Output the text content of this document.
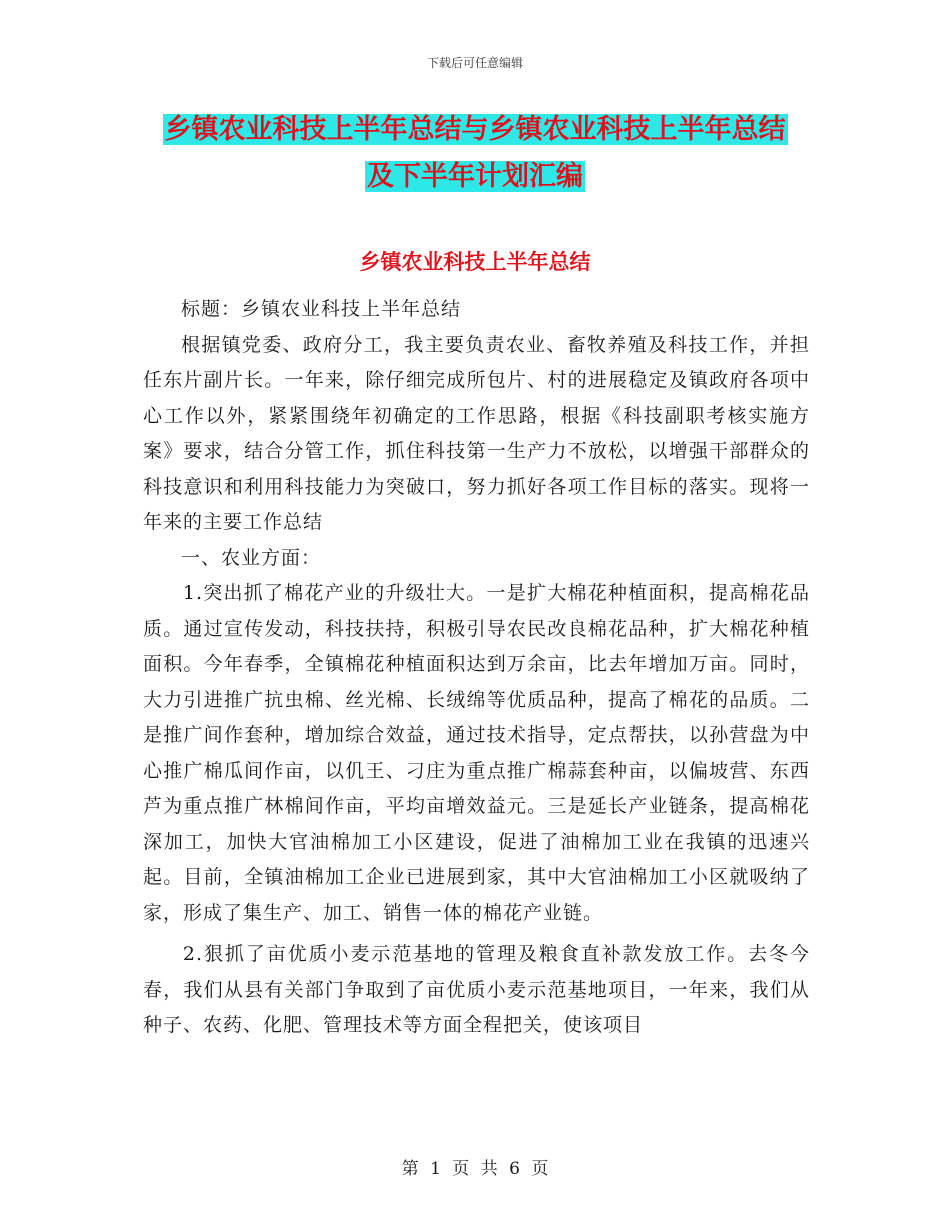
下载后可任意编辑
乡镇农业科技上半年总结与乡镇农业科技上半年总结
及下半年计划汇编
乡镇农业科技上半年总结

标题：乡镇农业科技上半年总结

根据镇党委、政府分工，我主要负责农业、畜牧养殖及科技工作，并担任东片副片长。一年来，除仔细完成所包片、村的进展稳定及镇政府各项中心工作以外，紧紧围绕年初确定的工作思路，根据《科技副职考核实施方案》要求，结合分管工作，抓住科技第一生产力不放松，以增强干部群众的科技意识和利用科技能力为突破口，努力抓好各项工作目标的落实。现将一年来的主要工作总结

一、农业方面：

1.突出抓了棉花产业的升级壮大。一是扩大棉花种植面积，提高棉花品质。通过宣传发动，科技扶持，积极引导农民改良棉花品种，扩大棉花种植面积。今年春季，全镇棉花种植面积达到万余亩，比去年增加万亩。同时，大力引进推广抗虫棉、丝光棉、长绒绵等优质品种，提高了棉花的品质。二是推广间作套种，增加综合效益，通过技术指导，定点帮扶，以孙营盘为中心推广棉瓜间作亩，以仉王、刁庄为重点推广棉蒜套种亩，以偏坡营、东西芦为重点推广林棉间作亩，平均亩增效益元。三是延长产业链条，提高棉花深加工，加快大官油棉加工小区建设，促进了油棉加工业在我镇的迅速兴起。目前，全镇油棉加工企业已进展到家，其中大官油棉加工小区就吸纳了家，形成了集生产、加工、销售一体的棉花产业链。

2.狠抓了亩优质小麦示范基地的管理及粮食直补款发放工作。去冬今春，我们从县有关部门争取到了亩优质小麦示范基地项目，一年来，我们从种子、农药、化肥、管理技术等方面全程把关，使该项目

第 1 页 共 6 页
